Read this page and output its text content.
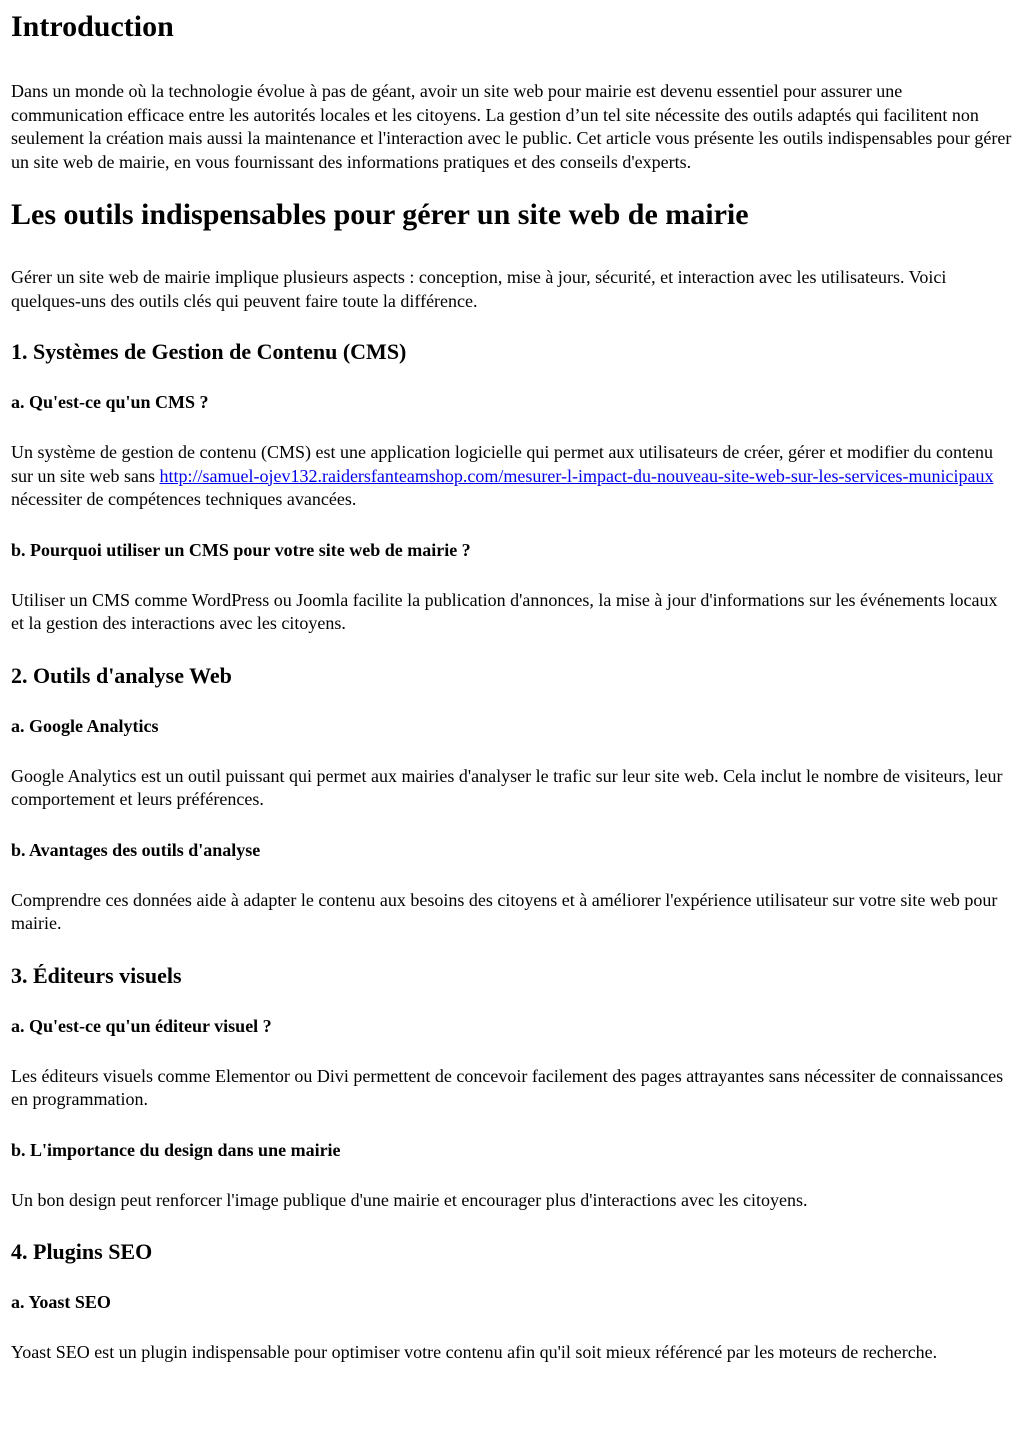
Introduction

Dans un monde où la technologie évolue à pas de géant, avoir un site web pour mairie est devenu essentiel pour assurer une communication efficace entre les autorités locales et les citoyens. La gestion d’un tel site nécessite des outils adaptés qui facilitent non seulement la création mais aussi la maintenance et l'interaction avec le public. Cet article vous présente les outils indispensables pour gérer un site web de mairie, en vous fournissant des informations pratiques et des conseils d'experts.

Les outils indispensables pour gérer un site web de mairie

Gérer un site web de mairie implique plusieurs aspects : conception, mise à jour, sécurité, et interaction avec les utilisateurs. Voici quelques-uns des outils clés qui peuvent faire toute la différence.

1. Systèmes de Gestion de Contenu (CMS)
a. Qu'est-ce qu'un CMS ?

Un système de gestion de contenu (CMS) est une application logicielle qui permet aux utilisateurs de créer, gérer et modifier du contenu sur un site web sans http://samuel-ojev132.raidersfanteamshop.com/mesurer-l-impact-du-nouveau-site-web-sur-les-services-municipaux nécessiter de compétences techniques avancées.

b. Pourquoi utiliser un CMS pour votre site web de mairie ?

Utiliser un CMS comme WordPress ou Joomla facilite la publication d'annonces, la mise à jour d'informations sur les événements locaux et la gestion des interactions avec les citoyens.

2. Outils d'analyse Web
a. Google Analytics

Google Analytics est un outil puissant qui permet aux mairies d'analyser le trafic sur leur site web. Cela inclut le nombre de visiteurs, leur comportement et leurs préférences.

b. Avantages des outils d'analyse

Comprendre ces données aide à adapter le contenu aux besoins des citoyens et à améliorer l'expérience utilisateur sur votre site web pour mairie.

3. Éditeurs visuels
a. Qu'est-ce qu'un éditeur visuel ?

Les éditeurs visuels comme Elementor ou Divi permettent de concevoir facilement des pages attrayantes sans nécessiter de connaissances en programmation.

b. L'importance du design dans une mairie

Un bon design peut renforcer l'image publique d'une mairie et encourager plus d'interactions avec les citoyens.

4. Plugins SEO
a. Yoast SEO

Yoast SEO est un plugin indispensable pour optimiser votre contenu afin qu'il soit mieux référencé par les moteurs de recherche.
